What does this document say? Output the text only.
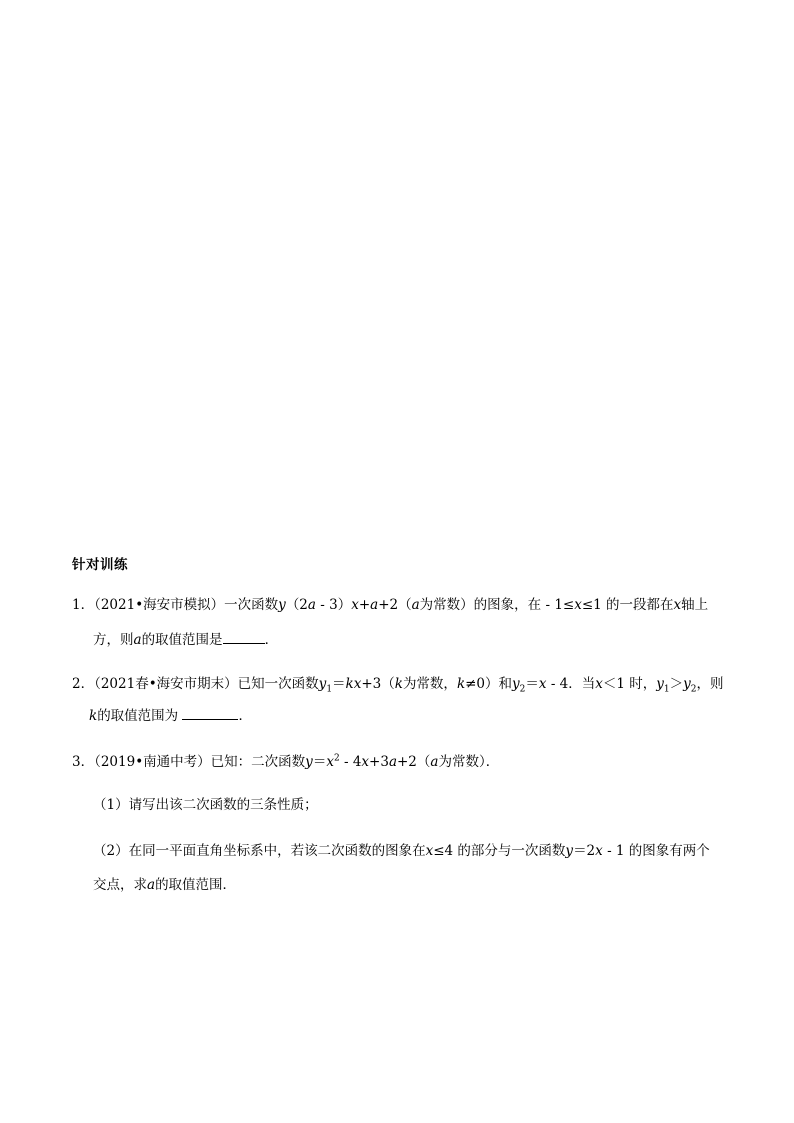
针对训练
1．（2021•海安市模拟）一次函数y（2a - 3）x+a+2（a为常数）的图象，在 - 1≤x≤1 的一段都在x轴上
方，则a的取值范围是	．
2．（2021春•海安市期末）已知一次函数$y_1=kx+3(k$为常数，k≠0）和$y_2=x - 4$．当x＜1 时，$y_1>y_2$，则
k的取值范围为	．
3．（2019•南通中考）已知：二次函数$y=x^2 - 4x+3a+2(a$为常数）．
（1）请写出该二次函数的三条性质；
（2）在同一平面直角坐标系中，若该二次函数的图象在x≤4 的部分与一次函数y＝2x - 1 的图象有两个
交点，求a的取值范围．
